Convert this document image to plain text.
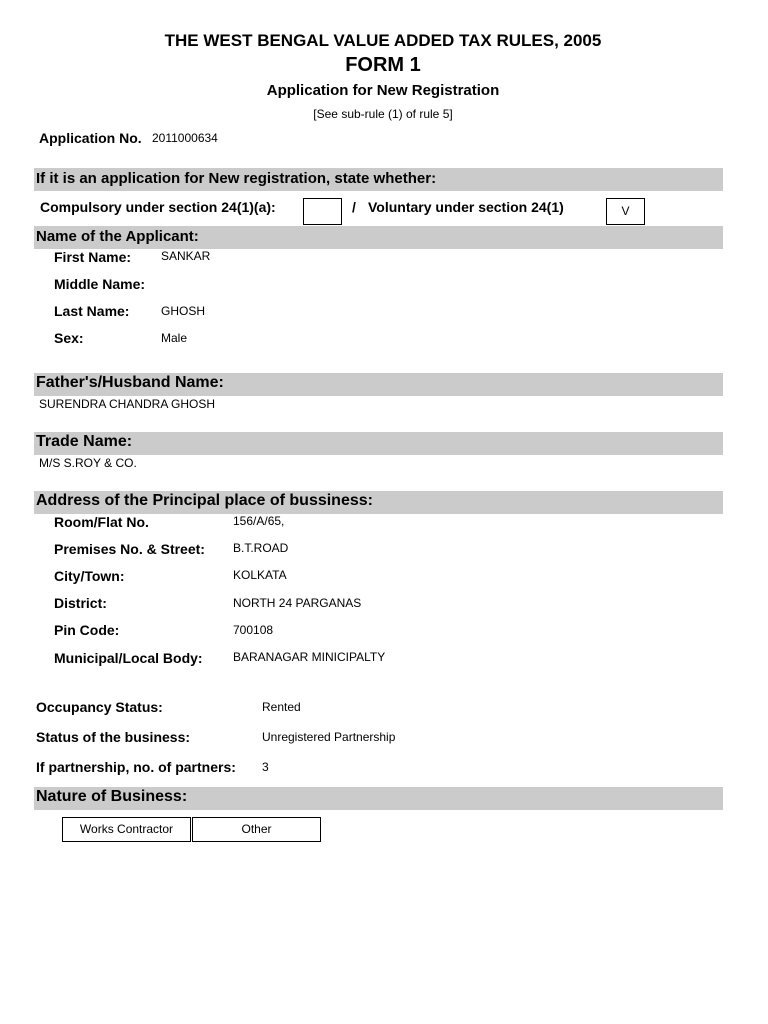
THE WEST BENGAL VALUE ADDED TAX RULES, 2005
FORM 1
Application for New Registration
[See sub-rule (1) of rule 5]
Application No. 2011000634
If it is an application for New registration, state whether:
Compulsory under section 24(1)(a):	/ Voluntary under section 24(1)	V
Name of the Applicant:
First Name: SANKAR
Middle Name:
Last Name:	GHOSH
Sex:	Male
Father's/Husband Name:
SURENDRA CHANDRA GHOSH
Trade Name:
M/S S.ROY & CO.
Address of the Principal place of bussiness:
Room/Flat No.	156/A/65,
Premises No. & Street: B.T.ROAD
City/Town:	KOLKATA
District:	NORTH 24 PARGANAS
Pin Code:	700108
Municipal/Local Body:	BARANAGAR MINICIPALTY
Occupancy Status:	Rented
Status of the business:	Unregistered Partnership
If partnership, no. of partners: 3
Nature of Business:
Works Contractor	Other
